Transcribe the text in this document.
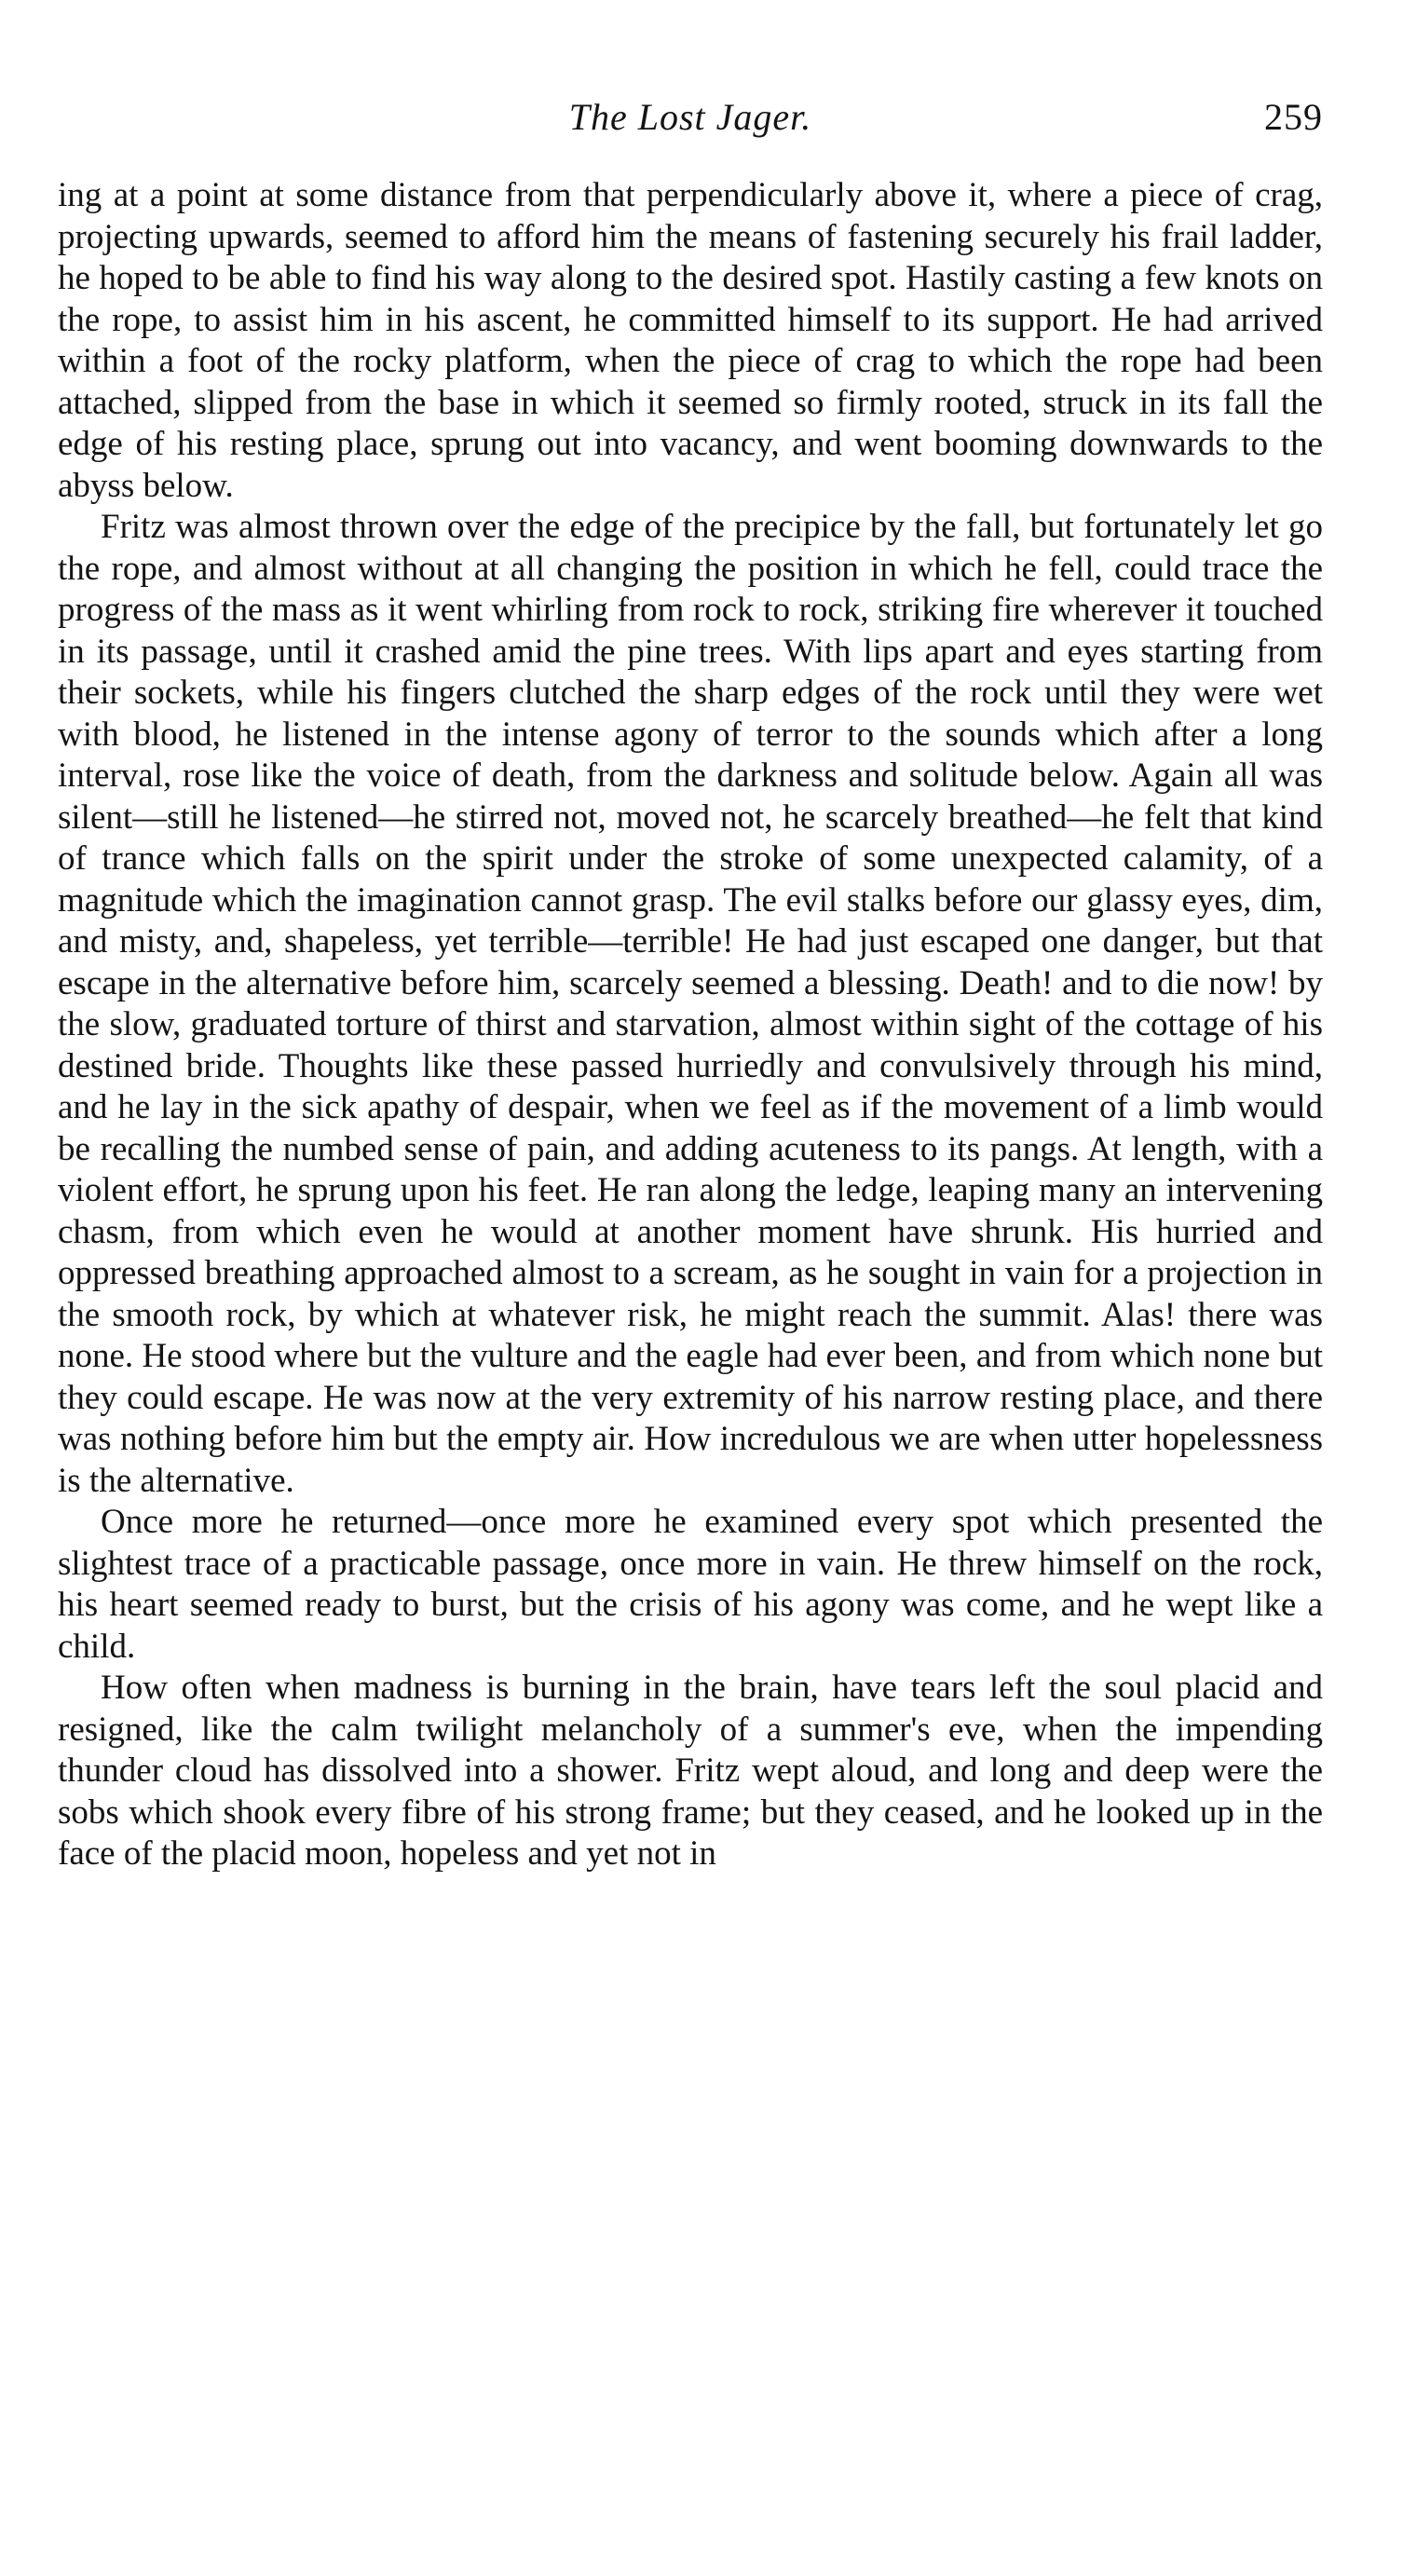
The Lost Jager.	259

ing at a point at some distance from that perpendicularly above it, where a piece of crag, projecting upwards, seemed to afford him the means of fastening securely his frail ladder, he hoped to be able to find his way along to the desired spot. Hastily casting a few knots on the rope, to assist him in his ascent, he committed himself to its support. He had arrived within a foot of the rocky platform, when the piece of crag to which the rope had been attached, slipped from the base in which it seemed so firmly rooted, struck in its fall the edge of his resting place, sprung out into vacancy, and went booming downwards to the abyss below.

Fritz was almost thrown over the edge of the precipice by the fall, but fortunately let go the rope, and almost without at all changing the position in which he fell, could trace the progress of the mass as it went whirling from rock to rock, striking fire wherever it touched in its passage, until it crashed amid the pine trees. With lips apart and eyes starting from their sockets, while his fingers clutched the sharp edges of the rock until they were wet with blood, he listened in the intense agony of terror to the sounds which after a long interval, rose like the voice of death, from the darkness and solitude below. Again all was silent—still he listened—he stirred not, moved not, he scarcely breathed—he felt that kind of trance which falls on the spirit under the stroke of some unexpected calamity, of a magnitude which the imagination cannot grasp. The evil stalks before our glassy eyes, dim, and misty, and, shapeless, yet terrible—terrible! He had just escaped one danger, but that escape in the alternative before him, scarcely seemed a blessing. Death! and to die now! by the slow, graduated torture of thirst and starvation, almost within sight of the cottage of his destined bride. Thoughts like these passed hurriedly and convulsively through his mind, and he lay in the sick apathy of despair, when we feel as if the movement of a limb would be recalling the numbed sense of pain, and adding acuteness to its pangs. At length, with a violent effort, he sprung upon his feet. He ran along the ledge, leaping many an intervening chasm, from which even he would at another moment have shrunk. His hurried and oppressed breathing approached almost to a scream, as he sought in vain for a projection in the smooth rock, by which at whatever risk, he might reach the summit. Alas! there was none. He stood where but the vulture and the eagle had ever been, and from which none but they could escape. He was now at the very extremity of his narrow resting place, and there was nothing before him but the empty air. How incredulous we are when utter hopelessness is the alternative.

Once more he returned—once more he examined every spot which presented the slightest trace of a practicable passage, once more in vain. He threw himself on the rock, his heart seemed ready to burst, but the crisis of his agony was come, and he wept like a child.

How often when madness is burning in the brain, have tears left the soul placid and resigned, like the calm twilight melancholy of a summer's eve, when the impending thunder cloud has dissolved into a shower. Fritz wept aloud, and long and deep were the sobs which shook every fibre of his strong frame; but they ceased, and he looked up in the face of the placid moon, hopeless and yet not in
